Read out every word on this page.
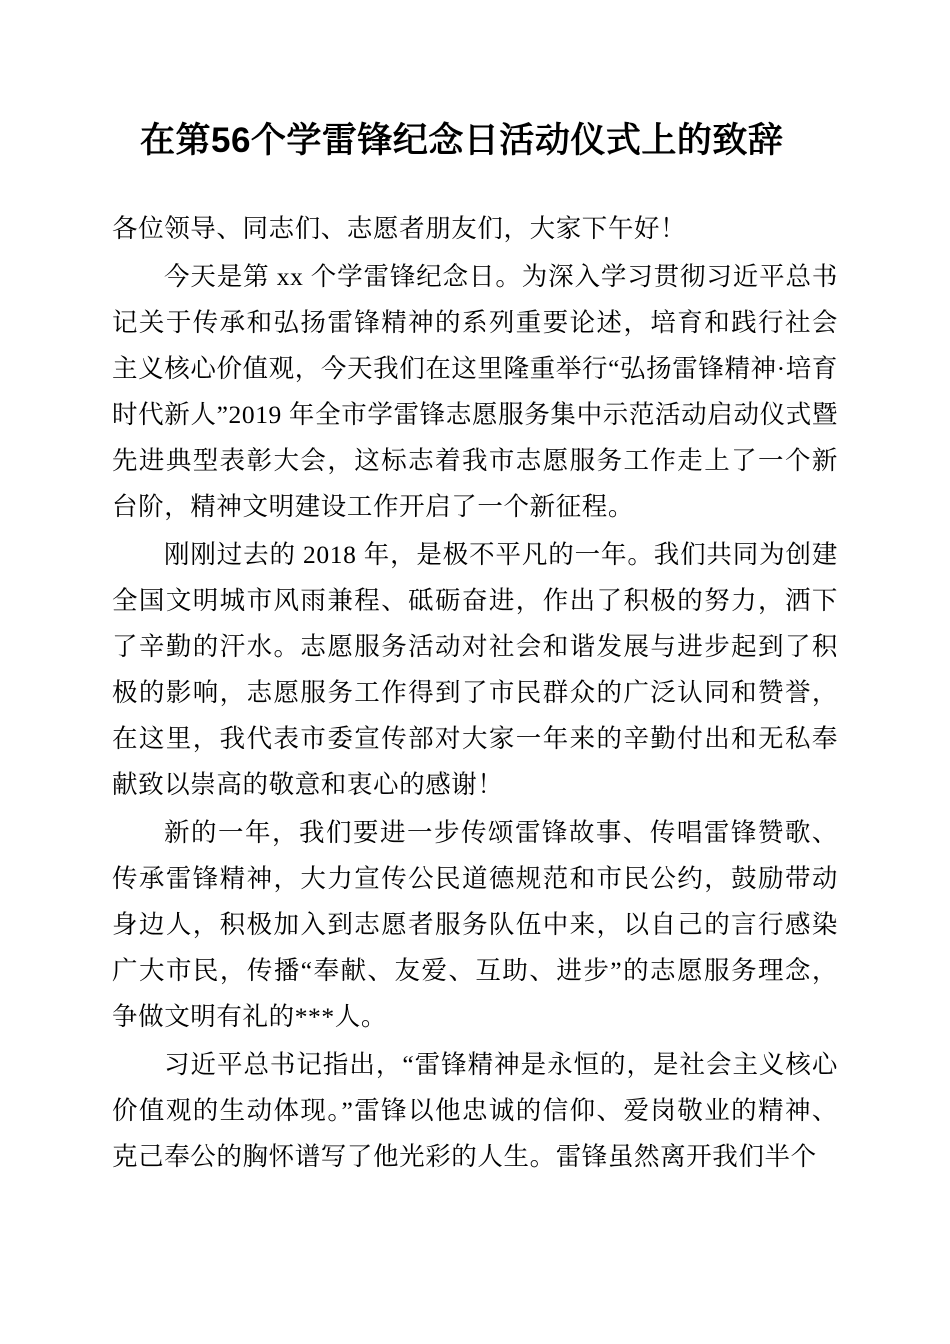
在第56个学雷锋纪念日活动仪式上的致辞

各位领导、同志们、志愿者朋友们，大家下午好！

今天是第 xx 个学雷锋纪念日。为深入学习贯彻习近平总书记关于传承和弘扬雷锋精神的系列重要论述，培育和践行社会主义核心价值观，今天我们在这里隆重举行“弘扬雷锋精神·培育时代新人”2019 年全市学雷锋志愿服务集中示范活动启动仪式暨先进典型表彰大会，这标志着我市志愿服务工作走上了一个新台阶，精神文明建设工作开启了一个新征程。

刚刚过去的 2018 年，是极不平凡的一年。我们共同为创建全国文明城市风雨兼程、砥砺奋进，作出了积极的努力，洒下了辛勤的汗水。志愿服务活动对社会和谐发展与进步起到了积极的影响，志愿服务工作得到了市民群众的广泛认同和赞誉，在这里，我代表市委宣传部对大家一年来的辛勤付出和无私奉献致以崇高的敬意和衷心的感谢！

新的一年，我们要进一步传颂雷锋故事、传唱雷锋赞歌、传承雷锋精神，大力宣传公民道德规范和市民公约，鼓励带动身边人，积极加入到志愿者服务队伍中来，以自己的言行感染广大市民，传播“奉献、友爱、互助、进步”的志愿服务理念，争做文明有礼的***人。

习近平总书记指出，“雷锋精神是永恒的，是社会主义核心价值观的生动体现。”雷锋以他忠诚的信仰、爱岗敬业的精神、克己奉公的胸怀谱写了他光彩的人生。雷锋虽然离开我们半个
